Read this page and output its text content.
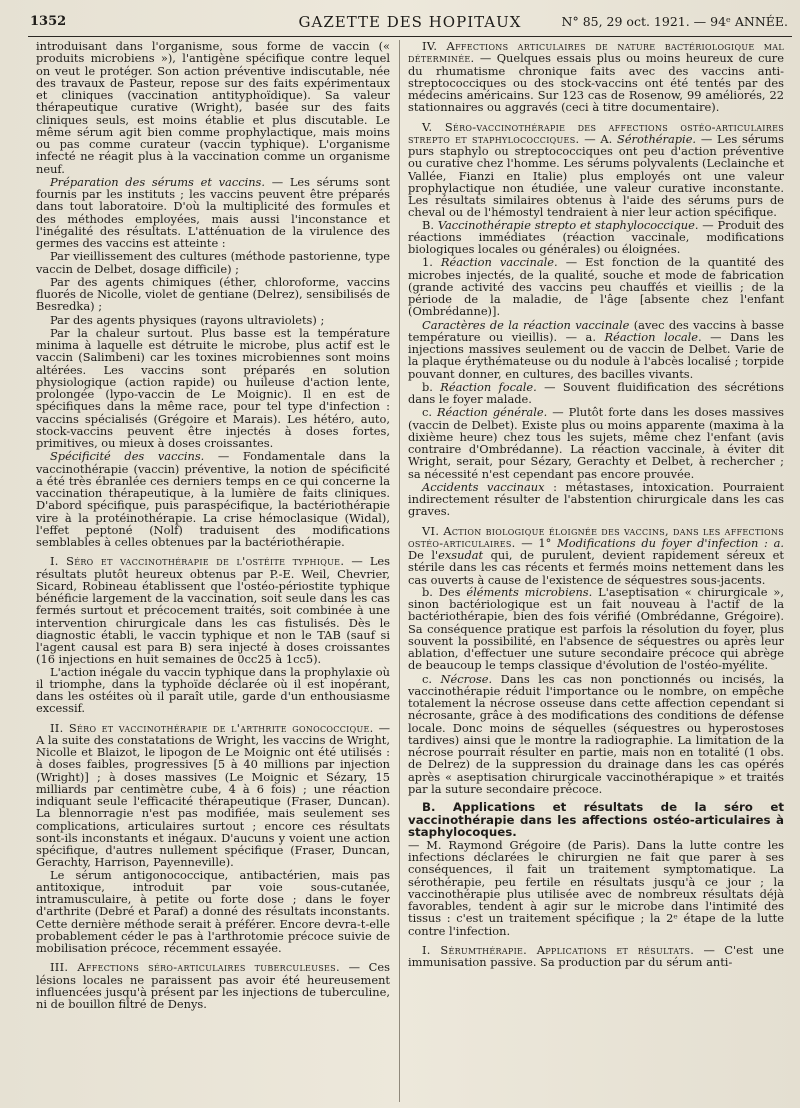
1352	GAZETTE DES HOPITAUX	N° 85, 29 oct. 1921. — 94ᵉ ANNÉE.

introduisant dans l'organisme, sous forme de vaccin (« produits microbiens »), l'antigène spécifique contre lequel on veut le protéger. Son action préventive indiscutable, née des travaux de Pasteur, repose sur des faits expérimentaux et cliniques (vaccination antityphoïdique). Sa valeur thérapeutique curative (Wright), basée sur des faits cliniques seuls, est moins établie et plus discutable. Le même sérum agit bien comme prophylactique, mais moins ou pas comme curateur (vaccin typhique). L'organisme infecté ne réagit plus à la vaccination comme un organisme neuf.

Préparation des sérums et vaccins. — Les sérums sont fournis par les instituts ; les vaccins peuvent être préparés dans tout laboratoire. D'où la multiplicité des formules et des méthodes employées, mais aussi l'inconstance et l'inégalité des résultats. L'atténuation de la virulence des germes des vaccins est atteinte :

Par vieillissement des cultures (méthode pastorienne, type vaccin de Delbet, dosage difficile) ;

Par des agents chimiques (éther, chloroforme, vaccins fluorés de Nicolle, violet de gentiane (Delrez), sensibilisés de Besredka) ;

Par des agents physiques (rayons ultraviolets) ;

Par la chaleur surtout. Plus basse est la température minima à laquelle est détruite le microbe, plus actif est le vaccin (Salimbeni) car les toxines microbiennes sont moins altérées. Les vaccins sont préparés en solution physiologique (action rapide) ou huileuse d'action lente, prolongée (lypo-vaccin de Le Moignic). Il en est de spécifiques dans la même race, pour tel type d'infection : vaccins spécialisés (Grégoire et Marais). Les hétéro, auto, stock-vaccins peuvent être injectés à doses fortes, primitives, ou mieux à doses croissantes.

Spécificité des vaccins. — Fondamentale dans la vaccinothérapie (vaccin) préventive, la notion de spécificité a été très ébranlée ces derniers temps en ce qui concerne la vaccination thérapeutique, à la lumière de faits cliniques. D'abord spécifique, puis paraspécifique, la bactériothérapie vire à la protéinothérapie. La crise hémoclasique (Widal), l'effet peptoné (Nolf) traduisent des modifications semblables à celles obtenues par la bactériothérapie.

I. Séro et vaccinothérapie de l'ostéite typhique. — Les résultats plutôt heureux obtenus par P.-E. Weil, Chevrier, Sicard, Robineau établissent que l'ostéo-périostite typhique bénéficie largement de la vaccination, soit seule dans les cas fermés surtout et précocement traités, soit combinée à une intervention chirurgicale dans les cas fistulisés. Dès le diagnostic établi, le vaccin typhique et non le TAB (sauf si l'agent causal est para B) sera injecté à doses croissantes (16 injections en huit semaines de 0cc25 à 1cc5).

L'action inégale du vaccin typhique dans la prophylaxie où il triomphe, dans la typhoïde déclarée où il est inopérant, dans les ostéites où il paraît utile, garde d'un enthousiasme excessif.

II. Séro et vaccinothérapie de l'arthrite gonococcique. — A la suite des constatations de Wright, les vaccins de Wright, Nicolle et Blaizot, le lipogon de Le Moignic ont été utilisés : à doses faibles, progressives [5 à 40 millions par injection (Wright)] ; à doses massives (Le Moignic et Sézary, 15 milliards par centimètre cube, 4 à 6 fois) ; une réaction indiquant seule l'efficacité thérapeutique (Fraser, Duncan). La blennorragie n'est pas modifiée, mais seulement ses complications, articulaires surtout ; encore ces résultats sont-ils inconstants et inégaux. D'aucuns y voient une action spécifique, d'autres nullement spécifique (Fraser, Duncan, Gerachty, Harrison, Payenneville).

Le sérum antigonococcique, antibactérien, mais pas antitoxique, introduit par voie sous-cutanée, intramusculaire, à petite ou forte dose ; dans le foyer d'arthrite (Debré et Paraf) a donné des résultats inconstants. Cette dernière méthode serait à préférer. Encore devra-t-elle probablement céder le pas à l'arthrotomie précoce suivie de mobilisation précoce, récemment essayée.

III. Affections séro-articulaires tuberculeuses. — Ces lésions locales ne paraissent pas avoir été heureusement influencées jusqu'à présent par les injections de tuberculine, ni de bouillon filtré de Denys.
IV. Affections articulaires de nature bactériologique mal déterminée. — Quelques essais plus ou moins heureux de cure du rhumatisme chronique faits avec des vaccins anti-streptococciques ou des stock-vaccins ont été tentés par des médecins américains. Sur 123 cas de Rosenow, 99 améliorés, 22 stationnaires ou aggravés (ceci à titre documentaire).
V. Séro-vaccinothérapie des affections ostéo-articulaires strepto et staphylococciques. — A. Sérothérapie. — Les sérums purs staphylo ou streptococciques ont peu d'action préventive ou curative chez l'homme. Les sérums polyvalents (Leclainche et Vallée, Fianzi en Italie) plus employés ont une valeur prophylactique non étudiée, une valeur curative inconstante. Les résultats similaires obtenus à l'aide des sérums purs de cheval ou de l'hémostyl tendraient à nier leur action spécifique.

B. Vaccinothérapie strepto et staphylococcique. — Produit des réactions immédiates (réaction vaccinale, modifications biologiques locales ou générales) ou éloignées.

1. Réaction vaccinale. — Est fonction de la quantité des microbes injectés, de la qualité, souche et mode de fabrication (grande activité des vaccins peu chauffés et vieillis ; de la période de la maladie, de l'âge [absente chez l'enfant (Ombrédanne)].

Caractères de la réaction vaccinale (avec des vaccins à basse température ou vieillis). — a. Réaction locale. — Dans les injections massives seulement ou de vaccin de Delbet. Varie de la plaque érythémateuse ou du nodule à l'abcès localisé ; torpide pouvant donner, en cultures, des bacilles vivants.

b. Réaction focale. — Souvent fluidification des sécrétions dans le foyer malade.

c. Réaction générale. — Plutôt forte dans les doses massives (vaccin de Delbet). Existe plus ou moins apparente (maxima à la dixième heure) chez tous les sujets, même chez l'enfant (avis contraire d'Ombrédanne). La réaction vaccinale, à éviter dit Wright, serait, pour Sézary, Gerachty et Delbet, à rechercher ; sa nécessité n'est cependant pas encore prouvée.

Accidents vaccinaux : métastases, intoxication. Pourraient indirectement résulter de l'abstention chirurgicale dans les cas graves.

VI. Action biologique éloignée des vaccins, dans les affections ostéo-articulaires. — 1° Modifications du foyer d'infection : a. De l'exsudat qui, de purulent, devient rapidement séreux et stérile dans les cas récents et fermés moins nettement dans les cas ouverts à cause de l'existence de séquestres sous-jacents.

b. Des éléments microbiens. L'aseptisation « chirurgicale », sinon bactériologique est un fait nouveau à l'actif de la bactériothérapie, bien des fois vérifié (Ombrédanne, Grégoire). Sa conséquence pratique est parfois la résolution du foyer, plus souvent la possibilité, en l'absence de séquestres ou après leur ablation, d'effectuer une suture secondaire précoce qui abrège de beaucoup le temps classique d'évolution de l'ostéo-myélite.

c. Nécrose. Dans les cas non ponctionnés ou incisés, la vaccinothérapie réduit l'importance ou le nombre, on empêche totalement la nécrose osseuse dans cette affection cependant si nécrosante, grâce à des modifications des conditions de défense locale. Donc moins de séquelles (séquestres ou hyperostoses tardives) ainsi que le montre la radiographie. La limitation de la nécrose pourrait résulter en partie, mais non en totalité (1 obs. de Delrez) de la suppression du drainage dans les cas opérés après « aseptisation chirurgicale vaccinothérapique » et traités par la suture secondaire précoce.

B. Applications et résultats de la séro et vaccinothérapie dans les affections ostéo-articulaires à staphylocoques.

— M. Raymond Grégoire (de Paris). Dans la lutte contre les infections déclarées le chirurgien ne fait que parer à ses conséquences, il fait un traitement symptomatique. La sérothérapie, peu fertile en résultats jusqu'à ce jour ; la vaccinothérapie plus utilisée avec de nombreux résultats déjà favorables, tendent à agir sur le microbe dans l'intimité des tissus : c'est un traitement spécifique ; la 2ᵉ étape de la lutte contre l'infection.

I. Sérumthérapie. Applications et résultats. — C'est une immunisation passive. Sa production par du sérum anti-
